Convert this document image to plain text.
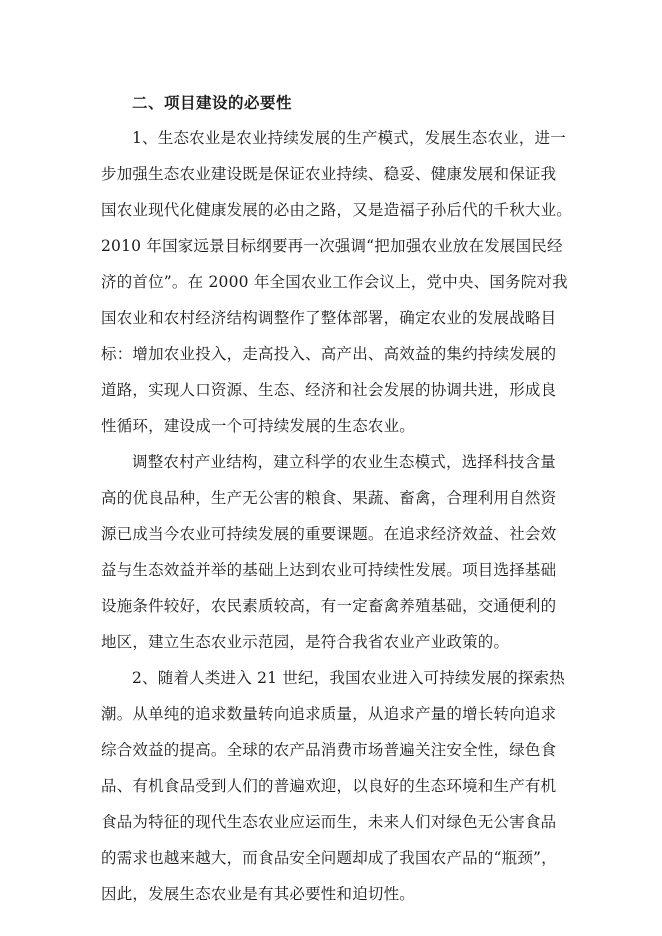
二、项目建设的必要性
1、生态农业是农业持续发展的生产模式，发展生态农业，进一
步加强生态农业建设既是保证农业持续、稳妥、健康发展和保证我
国农业现代化健康发展的必由之路，又是造福子孙后代的千秋大业。
2010 年国家远景目标纲要再一次强调“把加强农业放在发展国民经
济的首位”。在 2000 年全国农业工作会议上，党中央、国务院对我
国农业和农村经济结构调整作了整体部署，确定农业的发展战略目
标：增加农业投入，走高投入、高产出、高效益的集约持续发展的
道路，实现人口资源、生态、经济和社会发展的协调共进，形成良
性循环，建设成一个可持续发展的生态农业。
调整农村产业结构，建立科学的农业生态模式，选择科技含量
高的优良品种，生产无公害的粮食、果蔬、畜禽，合理利用自然资
源已成当今农业可持续发展的重要课题。在追求经济效益、社会效
益与生态效益并举的基础上达到农业可持续性发展。项目选择基础
设施条件较好，农民素质较高，有一定畜禽养殖基础，交通便利的
地区，建立生态农业示范园，是符合我省农业产业政策的。
2、随着人类进入 21 世纪，我国农业进入可持续发展的探索热
潮。从单纯的追求数量转向追求质量，从追求产量的增长转向追求
综合效益的提高。全球的农产品消费市场普遍关注安全性，绿色食
品、有机食品受到人们的普遍欢迎，以良好的生态环境和生产有机
食品为特征的现代生态农业应运而生，未来人们对绿色无公害食品
的需求也越来越大，而食品安全问题却成了我国农产品的“瓶颈”，
因此，发展生态农业是有其必要性和迫切性。
